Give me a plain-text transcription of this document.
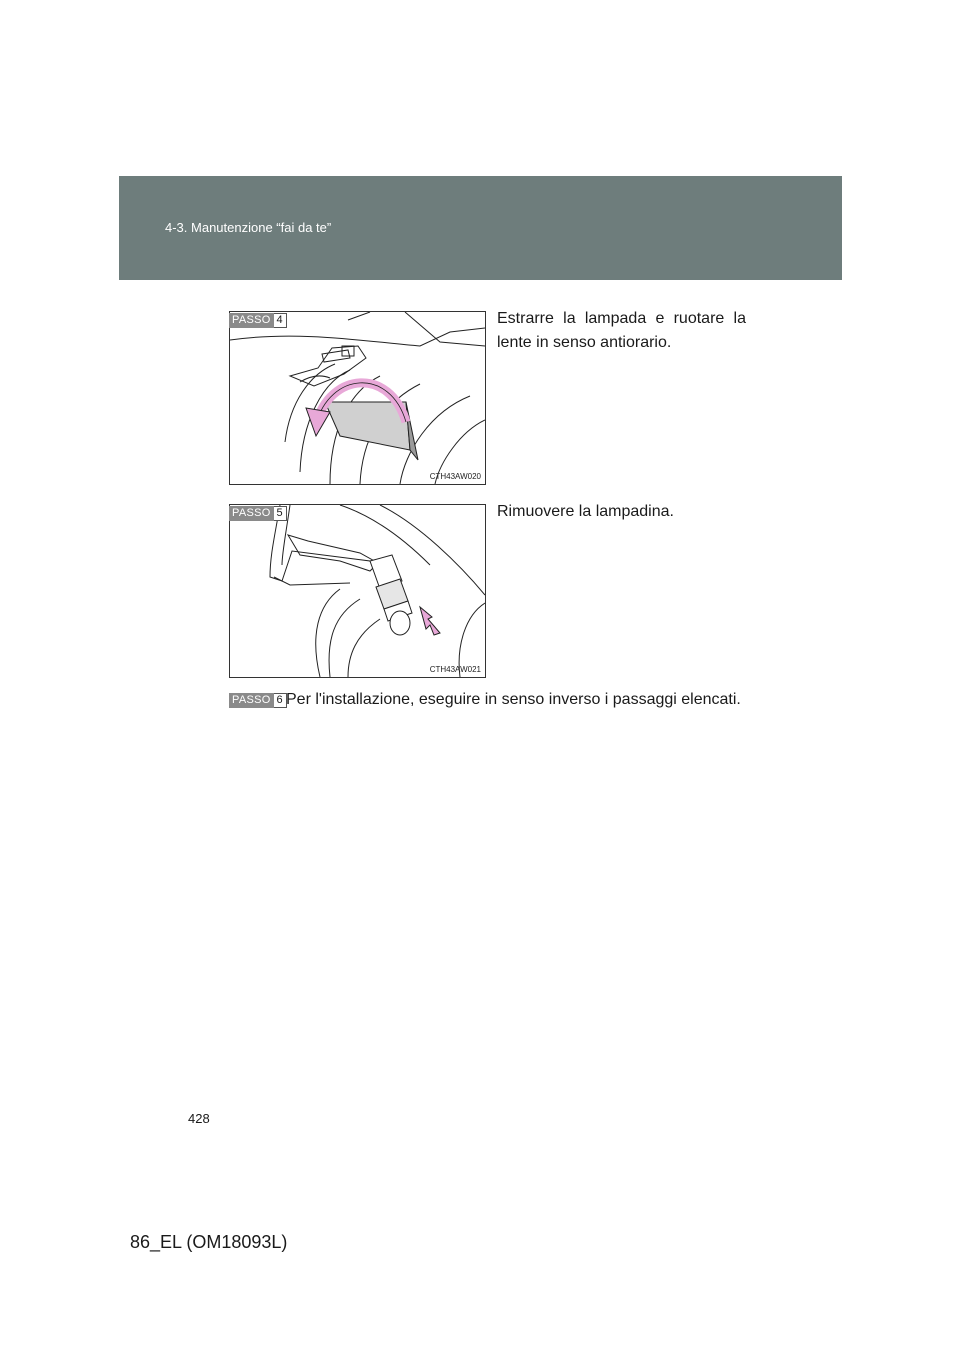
4-3. Manutenzione “fai da te”
CTH43AW020
PASSO 4	Estrarre la lampada e ruotare la lente in senso antiorario.
CTH43AW021
PASSO 5	Rimuovere la lampadina.
PASSO 6 Per l'installazione, eseguire in senso inverso i passaggi elencati.
428
86_EL (OM18093L)
